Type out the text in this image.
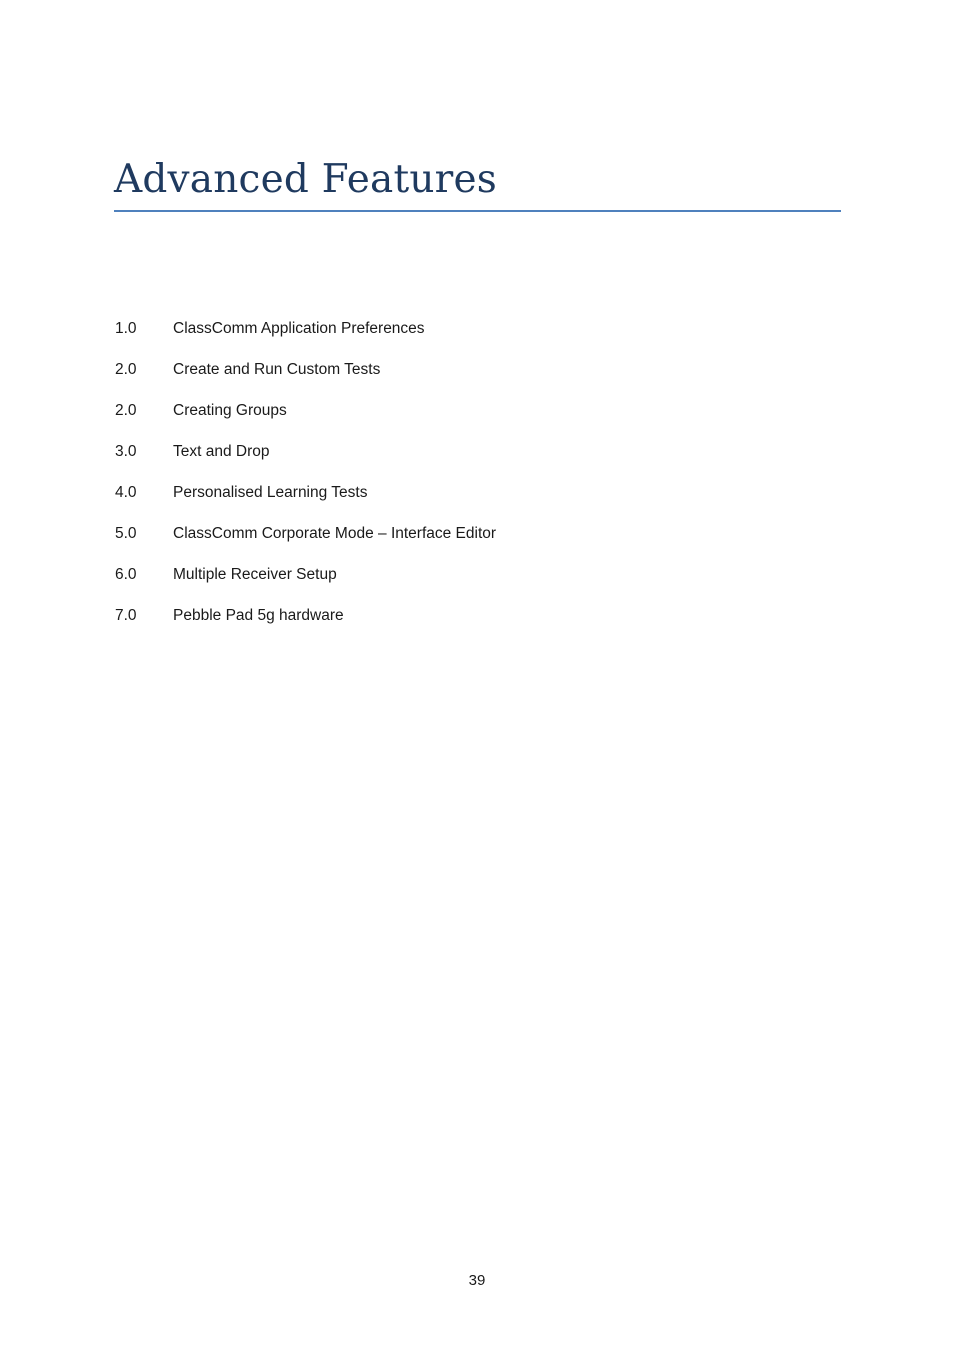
Advanced Features
1.0	ClassComm Application Preferences
2.0	Create and Run Custom Tests
2.0	Creating Groups
3.0	Text and Drop
4.0	Personalised Learning Tests
5.0	ClassComm Corporate Mode – Interface Editor
6.0	Multiple Receiver Setup
7.0	Pebble Pad 5g hardware
39
